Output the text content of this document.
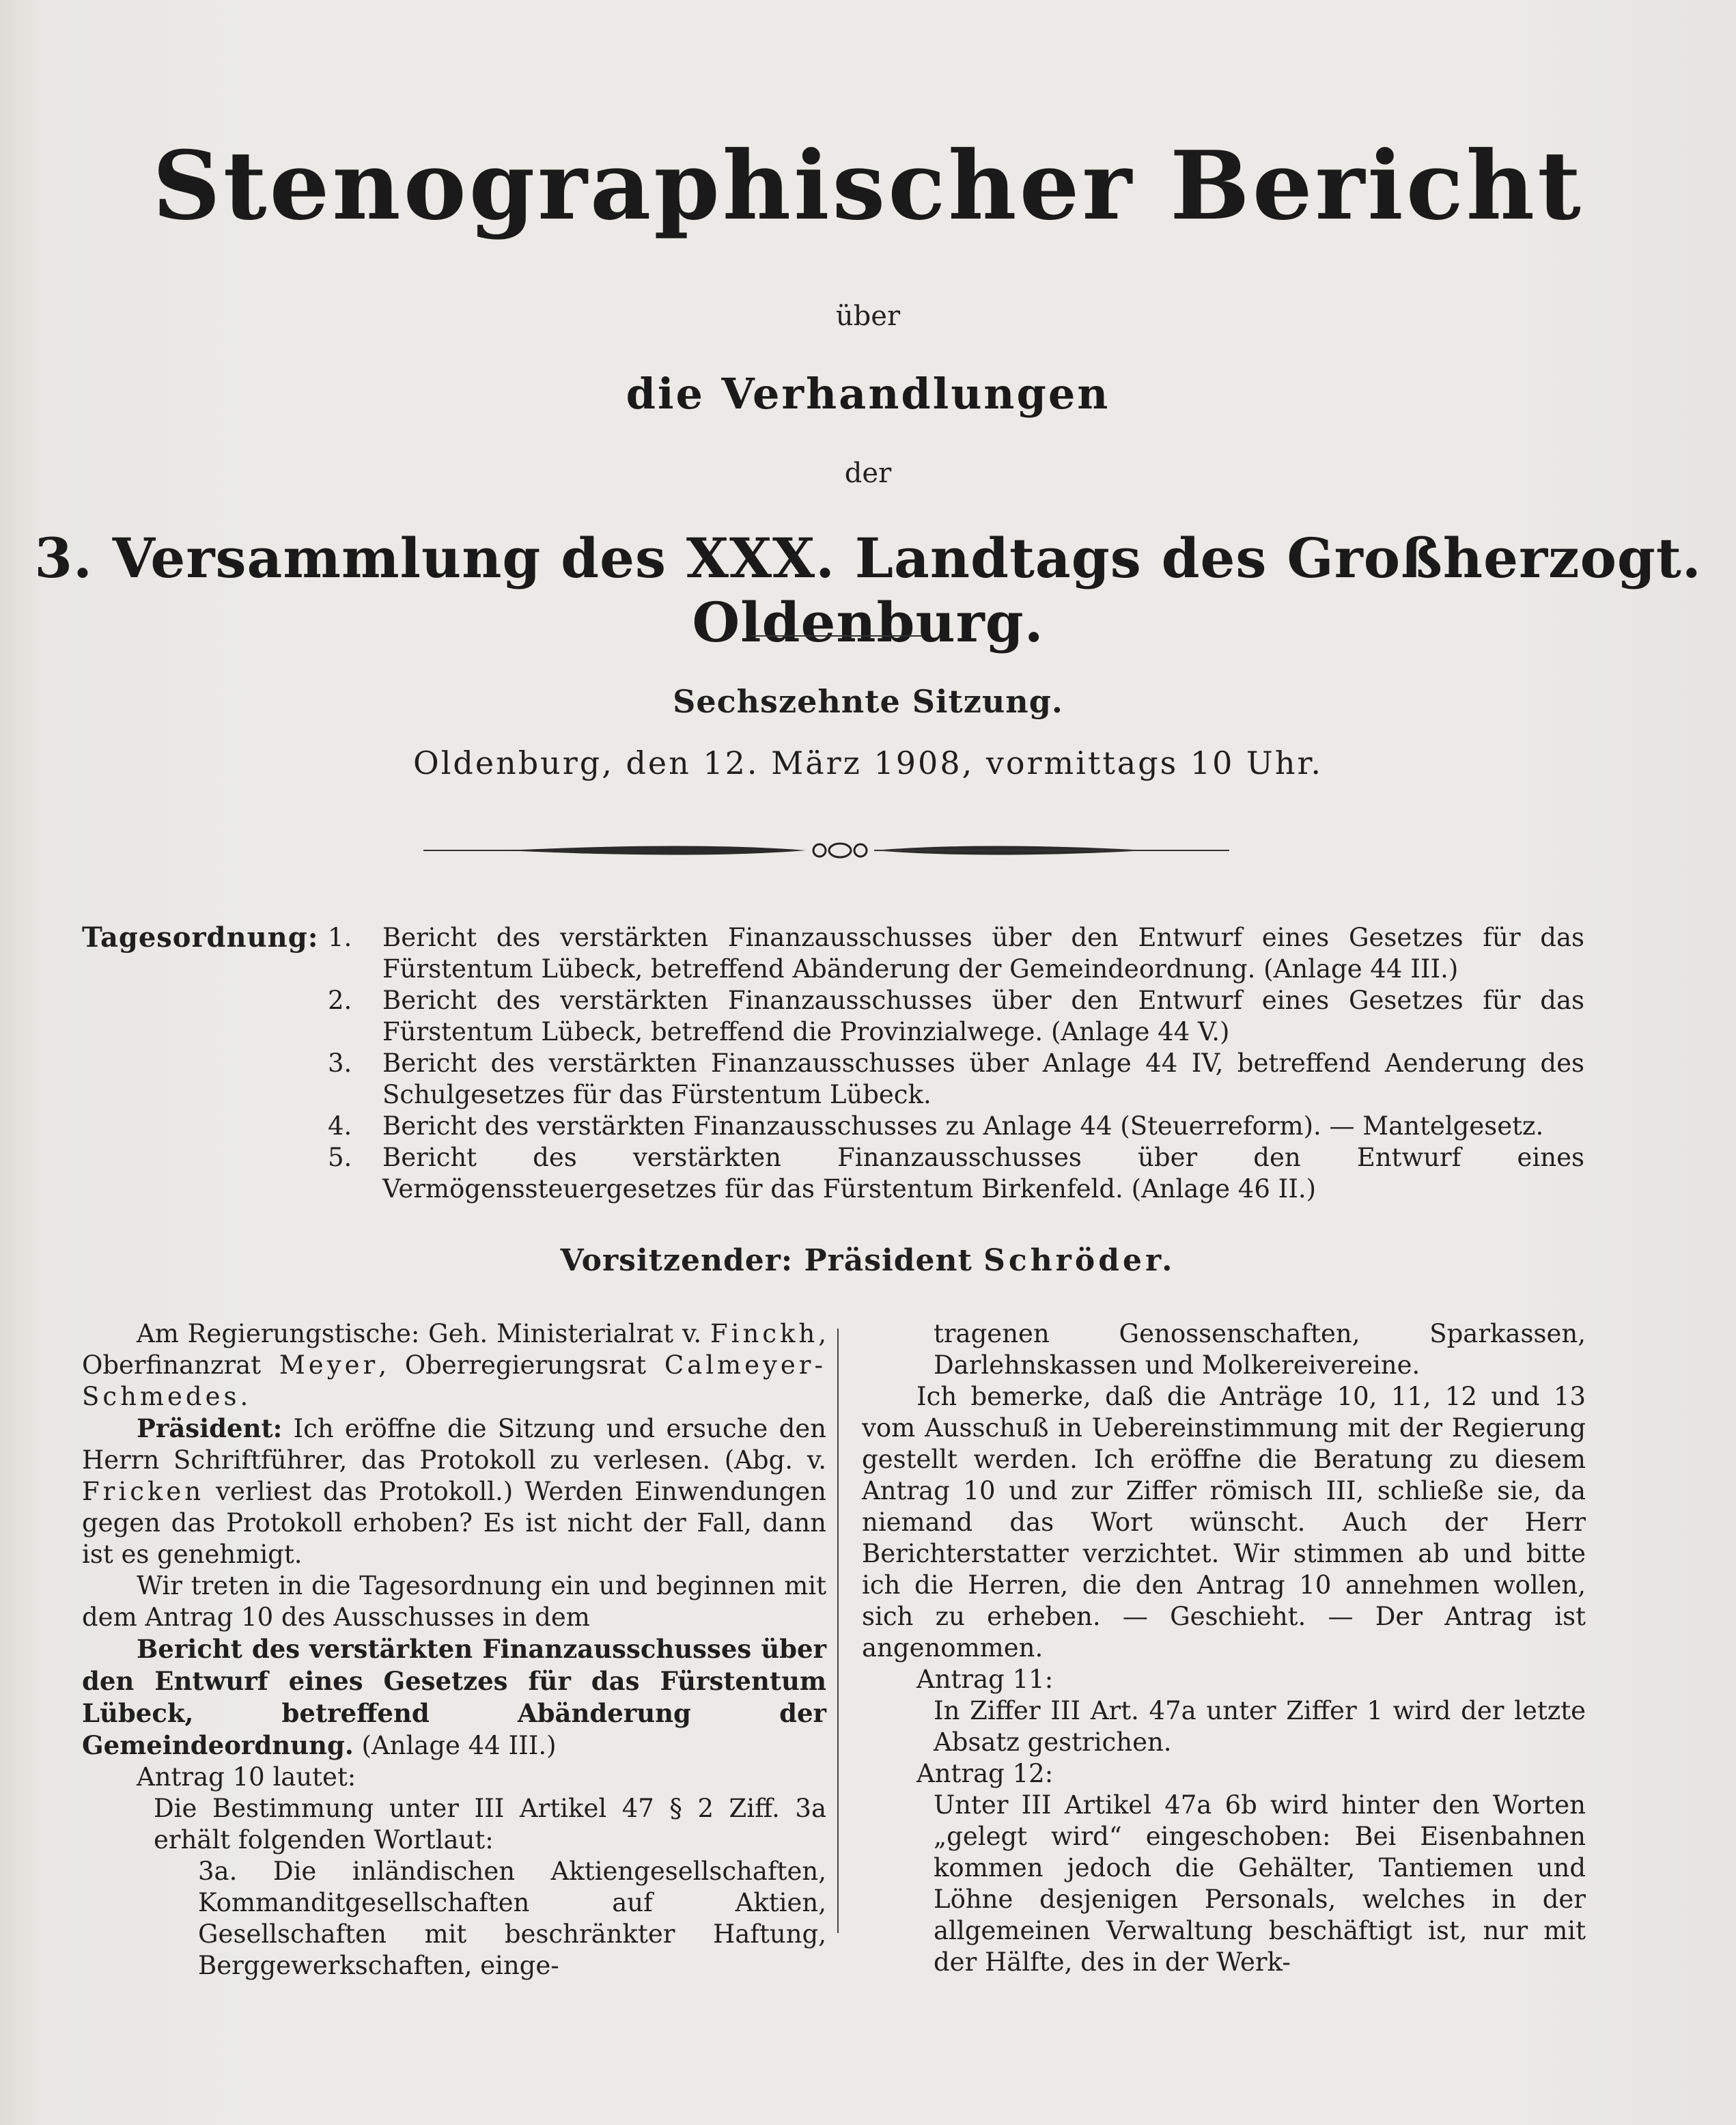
Stenographischer Bericht
über
die Verhandlungen
der
3. Versammlung des XXX. Landtags des Großherzogt. Oldenburg.
Sechszehnte Sitzung.
Oldenburg, den 12. März 1908, vormittags 10 Uhr.
Tagesordnung: 1. Bericht des verstärkten Finanzausschusses über den Entwurf eines Gesetzes für das Fürstentum Lübeck, betreffend Abänderung der Gemeindeordnung. (Anlage 44 III.)
2. Bericht des verstärkten Finanzausschusses über den Entwurf eines Gesetzes für das Fürstentum Lübeck, betreffend die Provinzialwege. (Anlage 44 V.)
3. Bericht des verstärkten Finanzausschusses über Anlage 44 IV, betreffend Aenderung des Schulgesetzes für das Fürstentum Lübeck.
4. Bericht des verstärkten Finanzausschusses zu Anlage 44 (Steuerreform). — Mantelgesetz.
5. Bericht des verstärkten Finanzausschusses über den Entwurf eines Vermögenssteuergesetzes für das Fürstentum Birkenfeld. (Anlage 46 II.)
Vorsitzender: Präsident Schröder.

Am Regierungstische: Geh. Ministerialrat v. Finckh, Oberfinanzrat Meyer, Oberregierungsrat Calmeyer-Schmedes.

Präsident: Ich eröffne die Sitzung und ersuche den Herrn Schriftführer, das Protokoll zu verlesen. (Abg. v. Fricken verliest das Protokoll.) Werden Einwendungen gegen das Protokoll erhoben? Es ist nicht der Fall, dann ist es genehmigt.

Wir treten in die Tagesordnung ein und beginnen mit dem Antrag 10 des Ausschusses in dem

Bericht des verstärkten Finanzausschusses über den Entwurf eines Gesetzes für das Fürstentum Lübeck, betreffend Abänderung der Gemeindeordnung. (Anlage 44 III.)

Antrag 10 lautet:

Die Bestimmung unter III Artikel 47 § 2 Ziff. 3a erhält folgenden Wortlaut:

3a. Die inländischen Aktiengesellschaften, Kommanditgesellschaften auf Aktien, Gesellschaften mit beschränkter Haftung, Berggewerkschaften, einge-

tragenen Genossenschaften, Sparkassen, Darlehnskassen und Molkereivereine.

Ich bemerke, daß die Anträge 10, 11, 12 und 13 vom Ausschuß in Uebereinstimmung mit der Regierung gestellt werden. Ich eröffne die Beratung zu diesem Antrag 10 und zur Ziffer römisch III, schließe sie, da niemand das Wort wünscht. Auch der Herr Berichterstatter verzichtet. Wir stimmen ab und bitte ich die Herren, die den Antrag 10 annehmen wollen, sich zu erheben. — Geschieht. — Der Antrag ist angenommen.

Antrag 11:

In Ziffer III Art. 47a unter Ziffer 1 wird der letzte Absatz gestrichen.

Antrag 12:

Unter III Artikel 47a 6b wird hinter den Worten „gelegt wird“ eingeschoben: Bei Eisenbahnen kommen jedoch die Gehälter, Tantiemen und Löhne desjenigen Personals, welches in der allgemeinen Verwaltung beschäftigt ist, nur mit der Hälfte, des in der Werk-
